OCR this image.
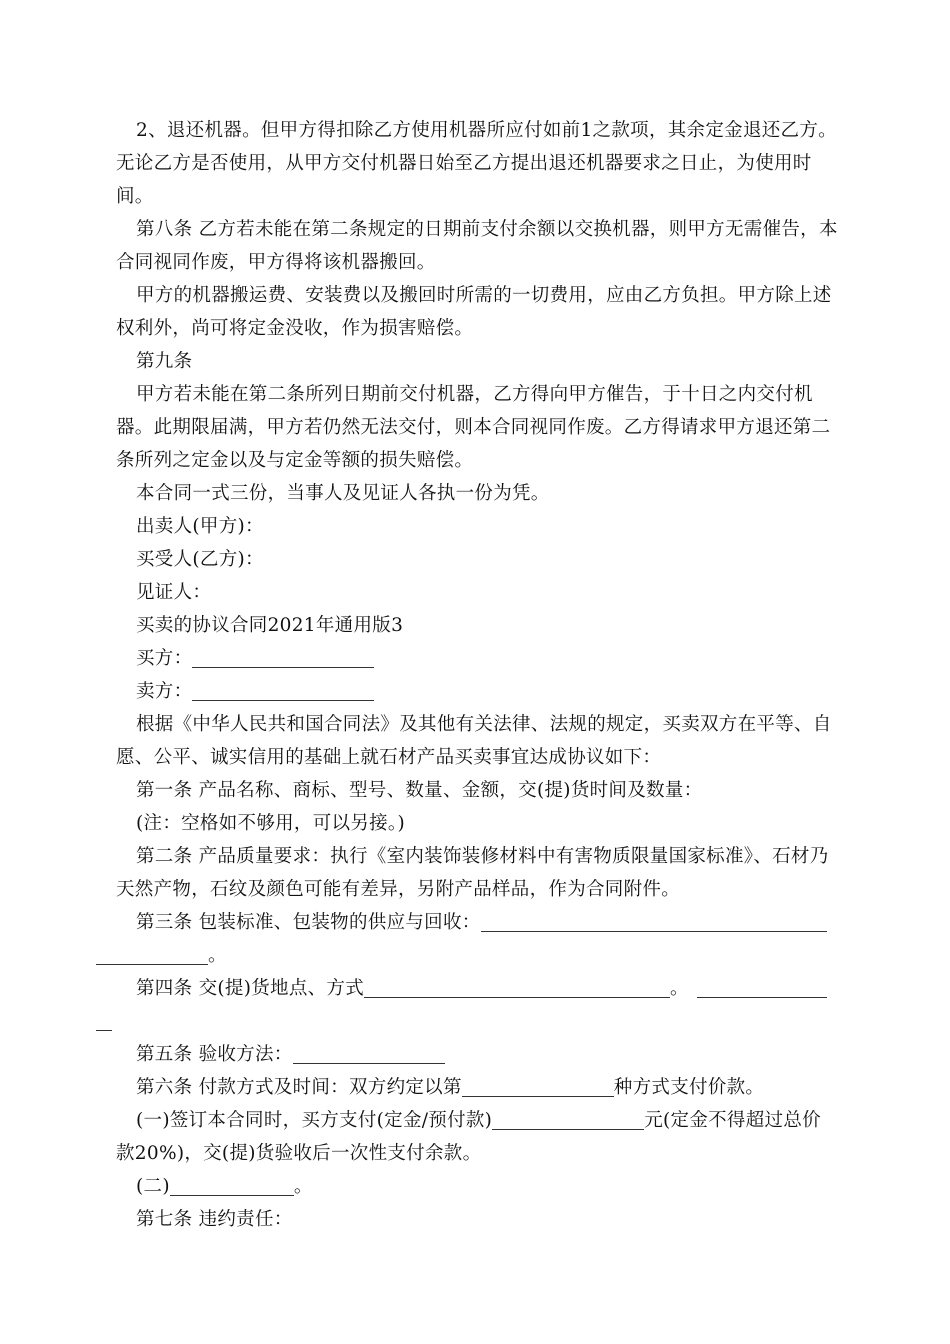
2、退还机器。但甲方得扣除乙方使用机器所应付如前1之款项，其余定金退还乙方。无论乙方是否使用，从甲方交付机器日始至乙方提出退还机器要求之日止，为使用时间。

第八条 乙方若未能在第二条规定的日期前支付余额以交换机器，则甲方无需催告，本合同视同作废，甲方得将该机器搬回。

甲方的机器搬运费、安装费以及搬回时所需的一切费用，应由乙方负担。甲方除上述权利外，尚可将定金没收，作为损害赔偿。

第九条

甲方若未能在第二条所列日期前交付机器，乙方得向甲方催告，于十日之内交付机器。此期限届满，甲方若仍然无法交付，则本合同视同作废。乙方得请求甲方退还第二条所列之定金以及与定金等额的损失赔偿。

本合同一式三份，当事人及见证人各执一份为凭。

出卖人(甲方)：

买受人(乙方)：

见证人：

买卖的协议合同2021年通用版3

买方：

卖方：

根据《中华人民共和国合同法》及其他有关法律、法规的规定，买卖双方在平等、自愿、公平、诚实信用的基础上就石材产品买卖事宜达成协议如下：

第一条 产品名称、商标、型号、数量、金额，交(提)货时间及数量：

(注：空格如不够用，可以另接。)

第二条 产品质量要求：执行《室内装饰装修材料中有害物质限量国家标准》、石材乃天然产物，石纹及颜色可能有差异，另附产品样品，作为合同附件。

第三条 包装标准、包装物的供应与回收：
。

第四条 交(提)货地点、方式	。

第五条 验收方法：

第六条 付款方式及时间：双方约定以第	种方式支付价款。

(一)签订本合同时，买方支付(定金/预付款)	元(定金不得超过总价款20%)，交(提)货验收后一次性支付余款。

(二)	。

第七条 违约责任：
